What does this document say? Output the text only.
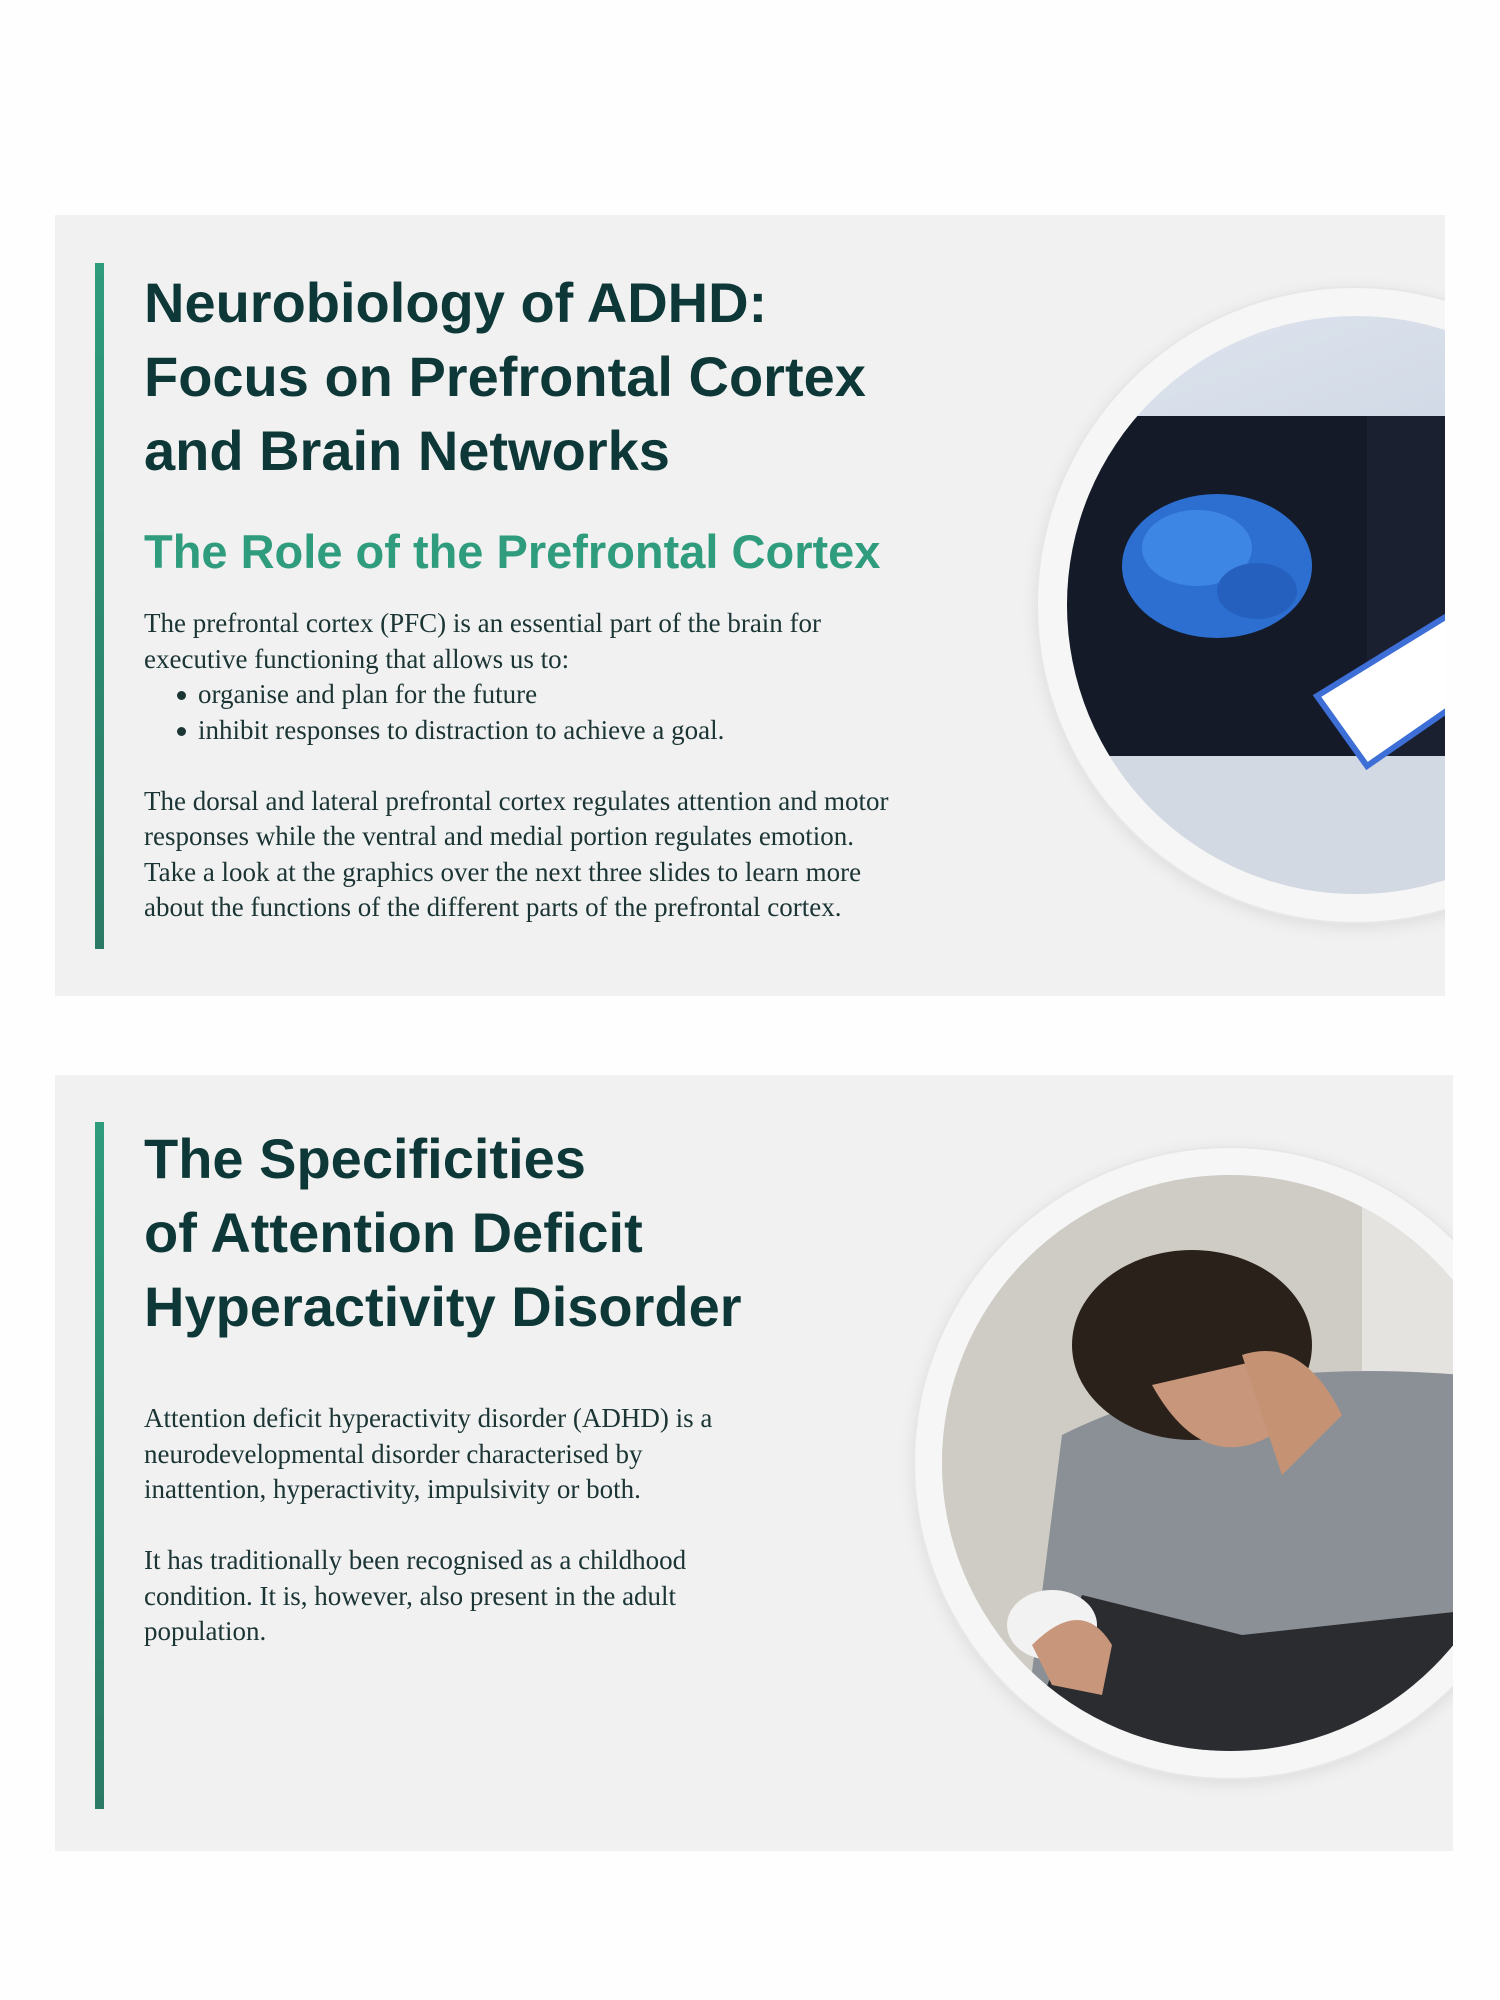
Neurobiology of ADHD:
Focus on Prefrontal Cortex
and Brain Networks
The Role of the Prefrontal Cortex
The prefrontal cortex (PFC) is an essential part of the brain for
executive functioning that allows us to:
organise and plan for the future
inhibit responses to distraction to achieve a goal.
The dorsal and lateral prefrontal cortex regulates attention and motor
responses while the ventral and medial portion regulates emotion.
Take a look at the graphics over the next three slides to learn more
about the functions of the different parts of the prefrontal cortex.
The Specificities
of Attention Deficit
Hyperactivity Disorder
Attention deficit hyperactivity disorder (ADHD) is a
neurodevelopmental disorder characterised by
inattention, hyperactivity, impulsivity or both.
It has traditionally been recognised as a childhood
condition. It is, however, also present in the adult
population.
